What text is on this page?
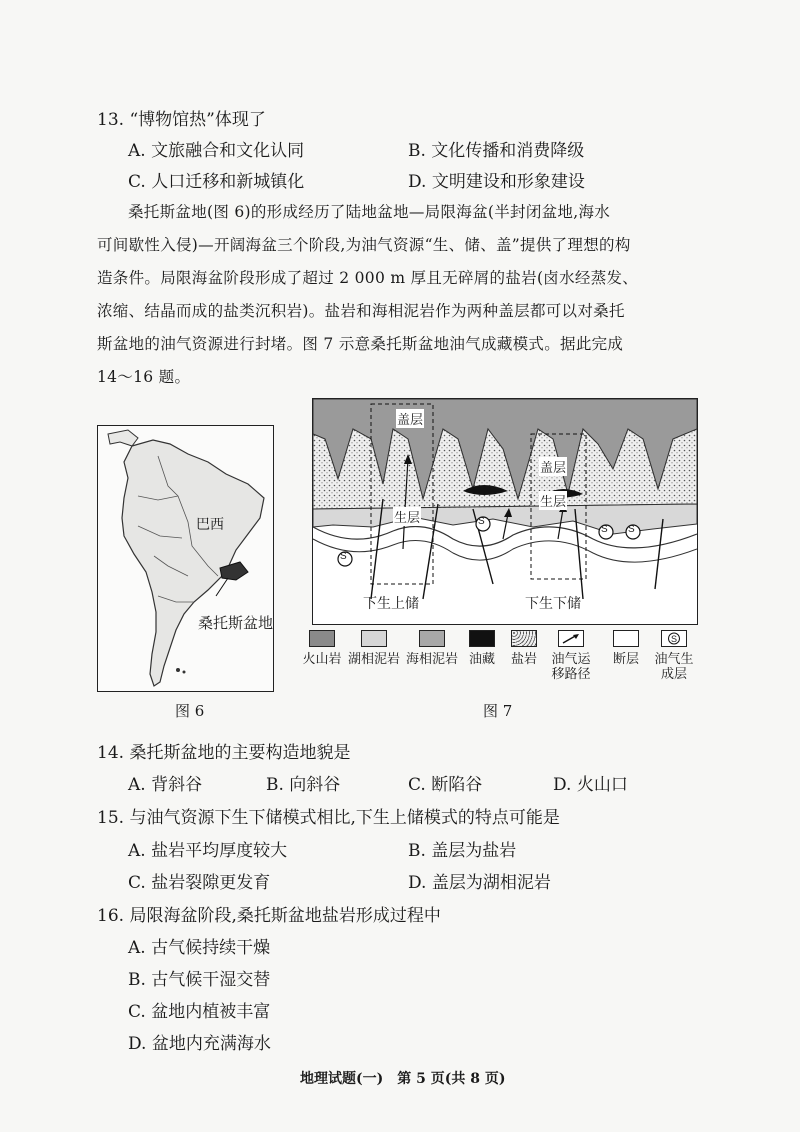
13. “博物馆热”体现了
A. 文旅融合和文化认同	B. 文化传播和消费降级
C. 人口迁移和新城镇化	D. 文明建设和形象建设
桑托斯盆地(图 6)的形成经历了陆地盆地—局限海盆(半封闭盆地,海水
可间歇性入侵)—开阔海盆三个阶段,为油气资源“生、储、盖”提供了理想的构
造条件。局限海盆阶段形成了超过 2 000 m 厚且无碎屑的盐岩(卤水经蒸发、
浓缩、结晶而成的盐类沉积岩)。盐岩和海相泥岩作为两种盖层都可以对桑托
斯盆地的油气资源进行封堵。图 7 示意桑托斯盆地油气成藏模式。据此完成
14～16 题。
巴西
桑托斯盆地
图 6
S
S
S S
盖层
盖层
生层
生层
下生上储	下生下储
火山岩 湖相泥岩 海相泥岩 油藏	盐岩	油气运移路径
断层
S
油气生成层
图 7
14. 桑托斯盆地的主要构造地貌是
A. 背斜谷	B. 向斜谷	C. 断陷谷	D. 火山口
15. 与油气资源下生下储模式相比,下生上储模式的特点可能是
A. 盐岩平均厚度较大	B. 盖层为盐岩
C. 盐岩裂隙更发育	D. 盖层为湖相泥岩
16. 局限海盆阶段,桑托斯盆地盐岩形成过程中
A. 古气候持续干燥
B. 古气候干湿交替
C. 盆地内植被丰富
D. 盆地内充满海水
地理试题(一)　第 5 页(共 8 页)
